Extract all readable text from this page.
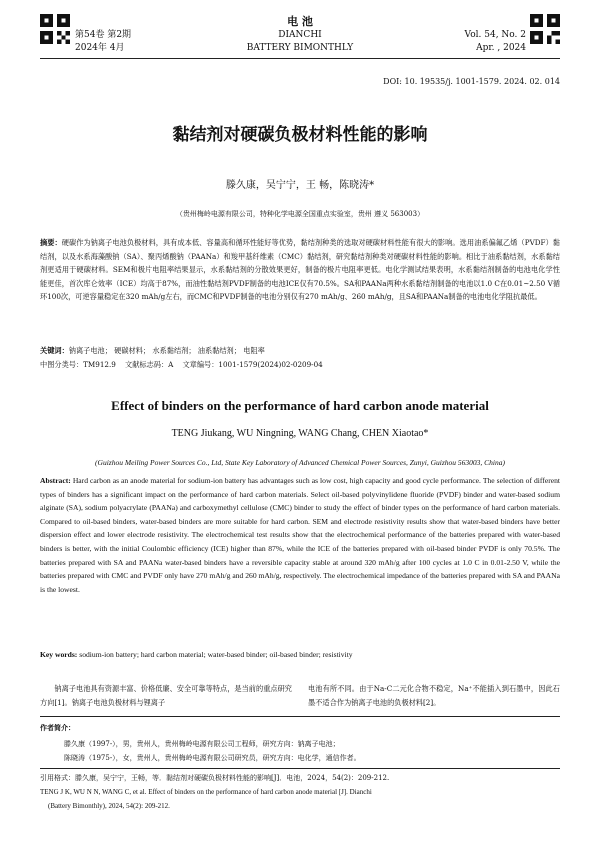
第54卷 第2期
2024年 4月
电 池
DIANCHI
BATTERY BIMONTHLY
Vol. 54, No. 2
Apr. , 2024
DOI: 10. 19535/j. 1001-1579. 2024. 02. 014
黏结剂对硬碳负极材料性能的影响
滕久康，吴宁宁，王 畅，陈晓涛*
（贵州梅岭电源有限公司，特种化学电源全国重点实验室，贵州 遵义 563003）
摘要：硬碳作为钠离子电池负极材料，具有成本低、容量高和循环性能好等优势，黏结剂种类的选取对硬碳材料性能有很大的影响。选用油系偏氟乙烯（PVDF）黏结剂，以及水系海藻酸钠（SA）、聚丙烯酸钠（PAANa）和羧甲基纤维素（CMC）黏结剂，研究黏结剂种类对硬碳材料性能的影响。相比于油系黏结剂，水系黏结剂更适用于硬碳材料。SEM和极片电阻率结果显示，水系黏结剂的分散效果更好，制备的极片电阻率更低。电化学测试结果表明，水系黏结剂制备的电池电化学性能更佳，首次库仑效率（ICE）均高于87%，而油性黏结剂PVDF制备的电池ICE仅有70.5%。SA和PAANa两种水系黏结剂制备的电池以1.0 C在0.01~2.50 V循环100次，可逆容量稳定在320 mAh/g左右，而CMC和PVDF制备的电池分别仅有270 mAh/g、260 mAh/g，且SA和PAANa制备的电池电化学阻抗最低。
关键词：钠离子电池； 硬碳材料； 水系黏结剂； 油系黏结剂； 电阻率
中图分类号：TM912.9 文献标志码：A 文章编号：1001-1579(2024)02-0209-04
Effect of binders on the performance of hard carbon anode material
TENG Jiukang, WU Ningning, WANG Chang, CHEN Xiaotao*
(Guizhou Meiling Power Sources Co., Ltd, State Key Laboratory of Advanced Chemical Power Sources, Zunyi, Guizhou 563003, China)
Abstract: Hard carbon as an anode material for sodium-ion battery has advantages such as low cost, high capacity and good cycle performance. The selection of different types of binders has a significant impact on the performance of hard carbon materials. Select oil-based polyvinylidene fluoride (PVDF) binder and water-based sodium alginate (SA), sodium polyacrylate (PAANa) and carboxymethyl cellulose (CMC) binder to study the effect of binder types on the performance of hard carbon materials. Compared to oil-based binders, water-based binders are more suitable for hard carbon. SEM and electrode resistivity results show that water-based binders have better dispersion effect and lower electrode resistivity. The electrochemical test results show that the electrochemical performance of the batteries prepared with water-based binders is better, with the initial Coulombic efficiency (ICE) higher than 87%, while the ICE of the batteries prepared with oil-based binder PVDF is only 70.5%. The batteries prepared with SA and PAANa water-based binders have a reversible capacity stable at around 320 mAh/g after 100 cycles at 1.0 C in 0.01-2.50 V, while the batteries prepared with CMC and PVDF only have 270 mAh/g and 260 mAh/g, respectively. The electrochemical impedance of the batteries prepared with SA and PAANa is the lowest.
Key words: sodium-ion battery; hard carbon material; water-based binder; oil-based binder; resistivity
钠离子电池具有资源丰富、价格低廉、安全可靠等特点，是当前的重点研究方向[1]。钠离子电池负极材料与锂离子
电池有所不同。由于Na-C二元化合物不稳定，Na⁺不能插入到石墨中，因此石墨不适合作为钠离子电池的负极材料[2]。
作者简介：
滕久康（1997-），男，贵州人，贵州梅岭电源有限公司工程师，研究方向：钠离子电池；
陈晓涛（1975-），女，贵州人，贵州梅岭电源有限公司研究员，研究方向：电化学，通信作者。
引用格式：滕久康，吴宁宁，王畅，等．黏结剂对硬碳负极材料性能的影响[J]．电池，2024，54(2)：209-212.
TENG J K, WU N N, WANG C, et al. Effect of binders on the performance of hard carbon anode material [J]. Dianchi
(Battery Bimonthly), 2024, 54(2): 209-212.
